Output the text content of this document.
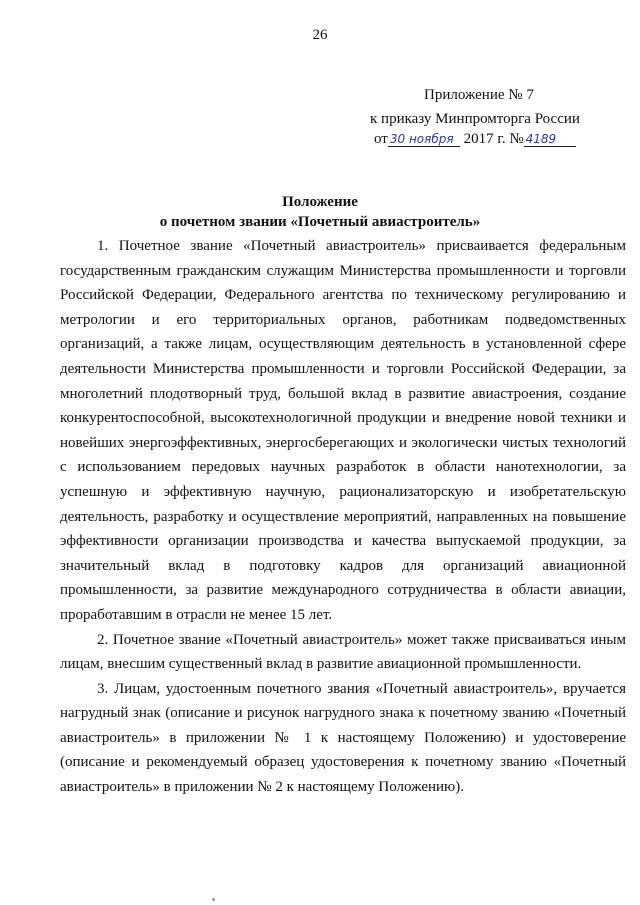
26
Приложение № 7
к приказу Минпромторга России
от 30 ноября 2017 г. № 4189
Положение
о почетном звании «Почетный авиастроитель»

1. Почетное звание «Почетный авиастроитель» присваивается федеральным государственным гражданским служащим Министерства промышленности и торговли Российской Федерации, Федерального агентства по техническому регулированию и метрологии и его территориальных органов, работникам подведомственных организаций, а также лицам, осуществляющим деятельность в установленной сфере деятельности Министерства промышленности и торговли Российской Федерации, за многолетний плодотворный труд, большой вклад в развитие авиастроения, создание конкурентоспособной, высокотехнологичной продукции и внедрение новой техники и новейших энергоэффективных, энергосберегающих и экологически чистых технологий с использованием передовых научных разработок в области нанотехнологии, за успешную и эффективную научную, рационализаторскую и изобретательскую деятельность, разработку и осуществление мероприятий, направленных на повышение эффективности организации производства и качества выпускаемой продукции, за значительный вклад в подготовку кадров для организаций авиационной промышленности, за развитие международного сотрудничества в области авиации, проработавшим в отрасли не менее 15 лет.

2. Почетное звание «Почетный авиастроитель» может также присваиваться иным лицам, внесшим существенный вклад в развитие авиационной промышленности.

3. Лицам, удостоенным почетного звания «Почетный авиастроитель», вручается нагрудный знак (описание и рисунок нагрудного знака к почетному званию «Почетный авиастроитель» в приложении № 1 к настоящему Положению) и удостоверение (описание и рекомендуемый образец удостоверения к почетному званию «Почетный авиастроитель» в приложении № 2 к настоящему Положению).
